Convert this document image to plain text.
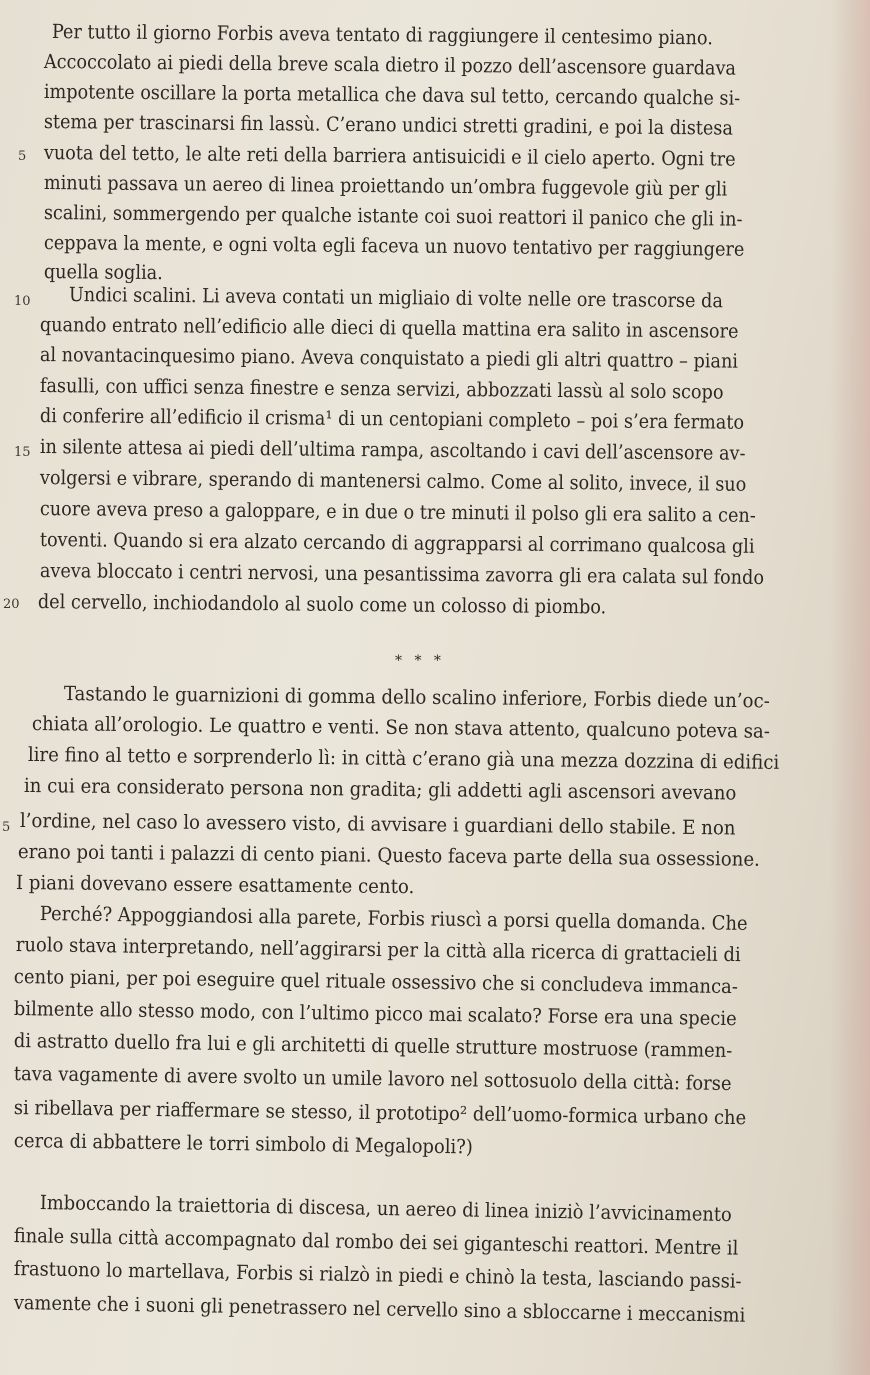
Per tutto il giorno Forbis aveva tentato di raggiungere il centesimo piano.
Accoccolato ai piedi della breve scala dietro il pozzo dell’ascensore guardava
impotente oscillare la porta metallica che dava sul tetto, cercando qualche si-
stema per trascinarsi fin lassù. C’erano undici stretti gradini, e poi la distesa
5 vuota del tetto, le alte reti della barriera antisuicidi e il cielo aperto. Ogni tre
minuti passava un aereo di linea proiettando un’ombra fuggevole giù per gli
scalini, sommergendo per qualche istante coi suoi reattori il panico che gli in-
ceppava la mente, e ogni volta egli faceva un nuovo tentativo per raggiungere
quella soglia.
10 Undici scalini. Li aveva contati un migliaio di volte nelle ore trascorse da
quando entrato nell’edificio alle dieci di quella mattina era salito in ascensore
al novantacinquesimo piano. Aveva conquistato a piedi gli altri quattro – piani
fasulli, con uffici senza finestre e senza servizi, abbozzati lassù al solo scopo
di conferire all’edificio il crisma¹ di un centopiani completo – poi s’era fermato
15 in silente attesa ai piedi dell’ultima rampa, ascoltando i cavi dell’ascensore av-
volgersi e vibrare, sperando di mantenersi calmo. Come al solito, invece, il suo
cuore aveva preso a galoppare, e in due o tre minuti il polso gli era salito a cen-
toventi. Quando si era alzato cercando di aggrapparsi al corrimano qualcosa gli
aveva bloccato i centri nervosi, una pesantissima zavorra gli era calata sul fondo
20 del cervello, inchiodandolo al suolo come un colosso di piombo.
* * *
Tastando le guarnizioni di gomma dello scalino inferiore, Forbis diede un’oc-
chiata all’orologio. Le quattro e venti. Se non stava attento, qualcuno poteva sa-
lire fino al tetto e sorprenderlo lì: in città c’erano già una mezza dozzina di edifici
in cui era considerato persona non gradita; gli addetti agli ascensori avevano
5 l’ordine, nel caso lo avessero visto, di avvisare i guardiani dello stabile. E non
erano poi tanti i palazzi di cento piani. Questo faceva parte della sua ossessione.
I piani dovevano essere esattamente cento.
Perché? Appoggiandosi alla parete, Forbis riuscì a porsi quella domanda. Che
ruolo stava interpretando, nell’aggirarsi per la città alla ricerca di grattacieli di
cento piani, per poi eseguire quel rituale ossessivo che si concludeva immanca-
bilmente allo stesso modo, con l’ultimo picco mai scalato? Forse era una specie
di astratto duello fra lui e gli architetti di quelle strutture mostruose (rammen-
tava vagamente di avere svolto un umile lavoro nel sottosuolo della città: forse
si ribellava per riaffermare se stesso, il prototipo² dell’uomo-formica urbano che
cerca di abbattere le torri simbolo di Megalopoli?)
Imboccando la traiettoria di discesa, un aereo di linea iniziò l’avvicinamento
finale sulla città accompagnato dal rombo dei sei giganteschi reattori. Mentre il
frastuono lo martellava, Forbis si rialzò in piedi e chinò la testa, lasciando passi-
vamente che i suoni gli penetrassero nel cervello sino a sbloccarne i meccanismi
